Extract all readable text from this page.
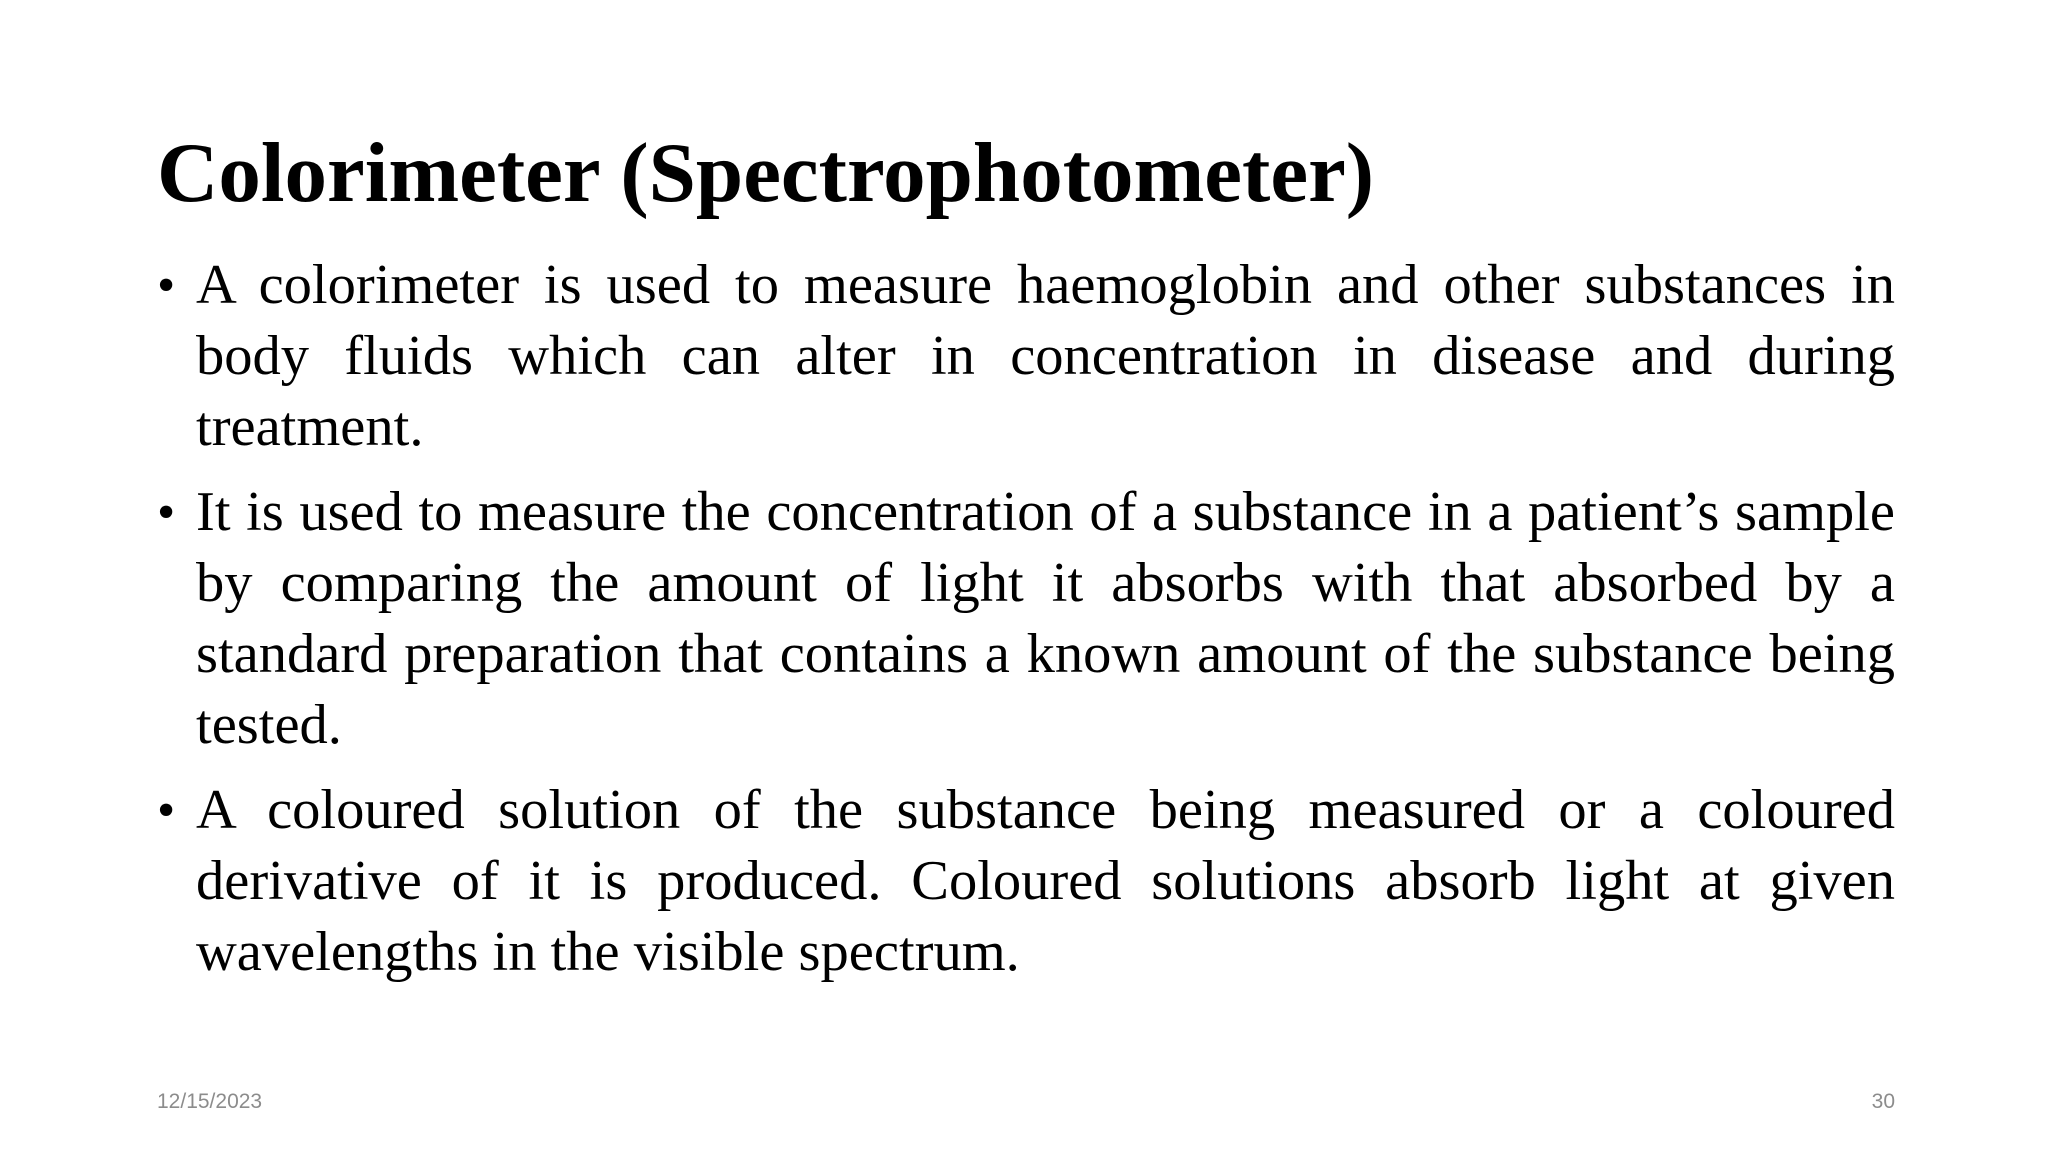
Colorimeter (Spectrophotometer)
• A colorimeter is used to measure haemoglobin and other substances in body fluids which can alter in concentration in disease and during treatment.
• It is used to measure the concentration of a substance in a patient’s sample by comparing the amount of light it absorbs with that absorbed by a standard preparation that contains a known amount of the substance being tested.
• A coloured solution of the substance being measured or a coloured derivative of it is produced. Coloured solutions absorb light at given wavelengths in the visible spectrum.
12/15/2023	30
